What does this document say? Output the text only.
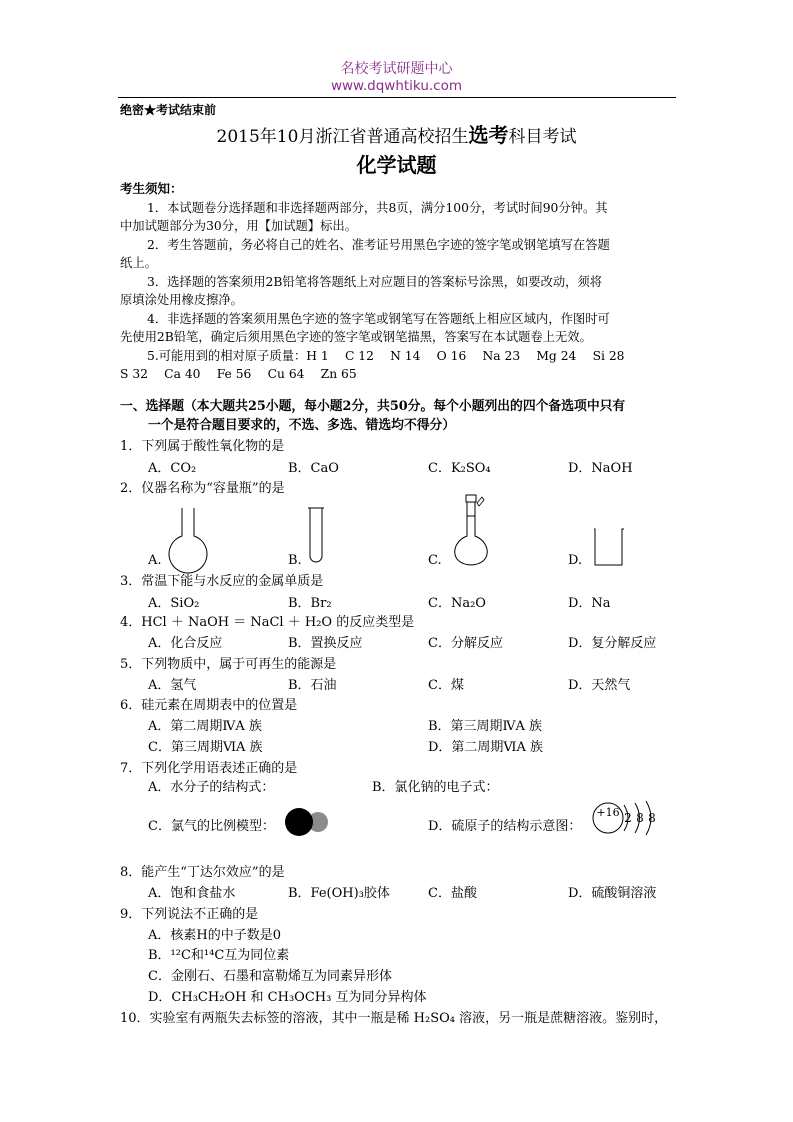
名校考试研题中心
www.dqwhtiku.com
绝密★考试结束前
2015年10月浙江省普通高校招生选考科目考试
化学试题
考生须知：
1．本试题卷分选择题和非选择题两部分，共8页，满分100分，考试时间90分钟。其
中加试题部分为30分，用【加试题】标出。
2．考生答题前，务必将自己的姓名、准考证号用黑色字迹的签字笔或钢笔填写在答题
纸上。
3．选择题的答案须用2B铅笔将答题纸上对应题目的答案标号涂黑，如要改动，须将
原填涂处用橡皮擦净。
4．非选择题的答案须用黑色字迹的签字笔或钢笔写在答题纸上相应区域内，作图时可
先使用2B铅笔，确定后须用黑色字迹的签字笔或钢笔描黑，答案写在本试题卷上无效。
5.可能用到的相对原子质量：H 1　 C 12　 N 14　 O 16　 Na 23　 Mg 24　 Si 28
S 32　 Ca 40　 Fe 56　 Cu 64　 Zn 65
一、选择题（本大题共25小题，每小题2分，共50分。每个小题列出的四个备选项中只有
一个是符合题目要求的，不选、多选、错选均不得分）
1．下列属于酸性氧化物的是
A．CO₂	B．CaO	C．K₂SO₄	D．NaOH
2．仪器名称为“容量瓶”的是
A.	B.	C.	D.
3．常温下能与水反应的金属单质是
A．SiO₂	B．Br₂	C．Na₂O	D．Na
4．HCl ＋ NaOH ＝ NaCl ＋ H₂O 的反应类型是
A．化合反应	B．置换反应	C．分解反应	D．复分解反应
5．下列物质中，属于可再生的能源是
A．氢气	B．石油	C．煤	D．天然气
6．硅元素在周期表中的位置是
A．第二周期ⅣA 族	B．第三周期ⅣA 族
C．第三周期ⅥA 族	D．第二周期ⅥA 族
7．下列化学用语表述正确的是
A．水分子的结构式：	B．氯化钠的电子式：
C．氯气的比例模型：	D．硫原子的结构示意图：
+16 2 8 8
8．能产生“丁达尔效应”的是
A．饱和食盐水	B．Fe(OH)₃胶体	C．盐酸	D．硫酸铜溶液
9．下列说法不正确的是
A．核素H的中子数是0
B．¹²C和¹⁴C互为同位素
C．金刚石、石墨和富勒烯互为同素异形体
D．CH₃CH₂OH 和 CH₃OCH₃ 互为同分异构体
10．实验室有两瓶失去标签的溶液，其中一瓶是稀 H₂SO₄ 溶液，另一瓶是蔗糖溶液。鉴别时，
